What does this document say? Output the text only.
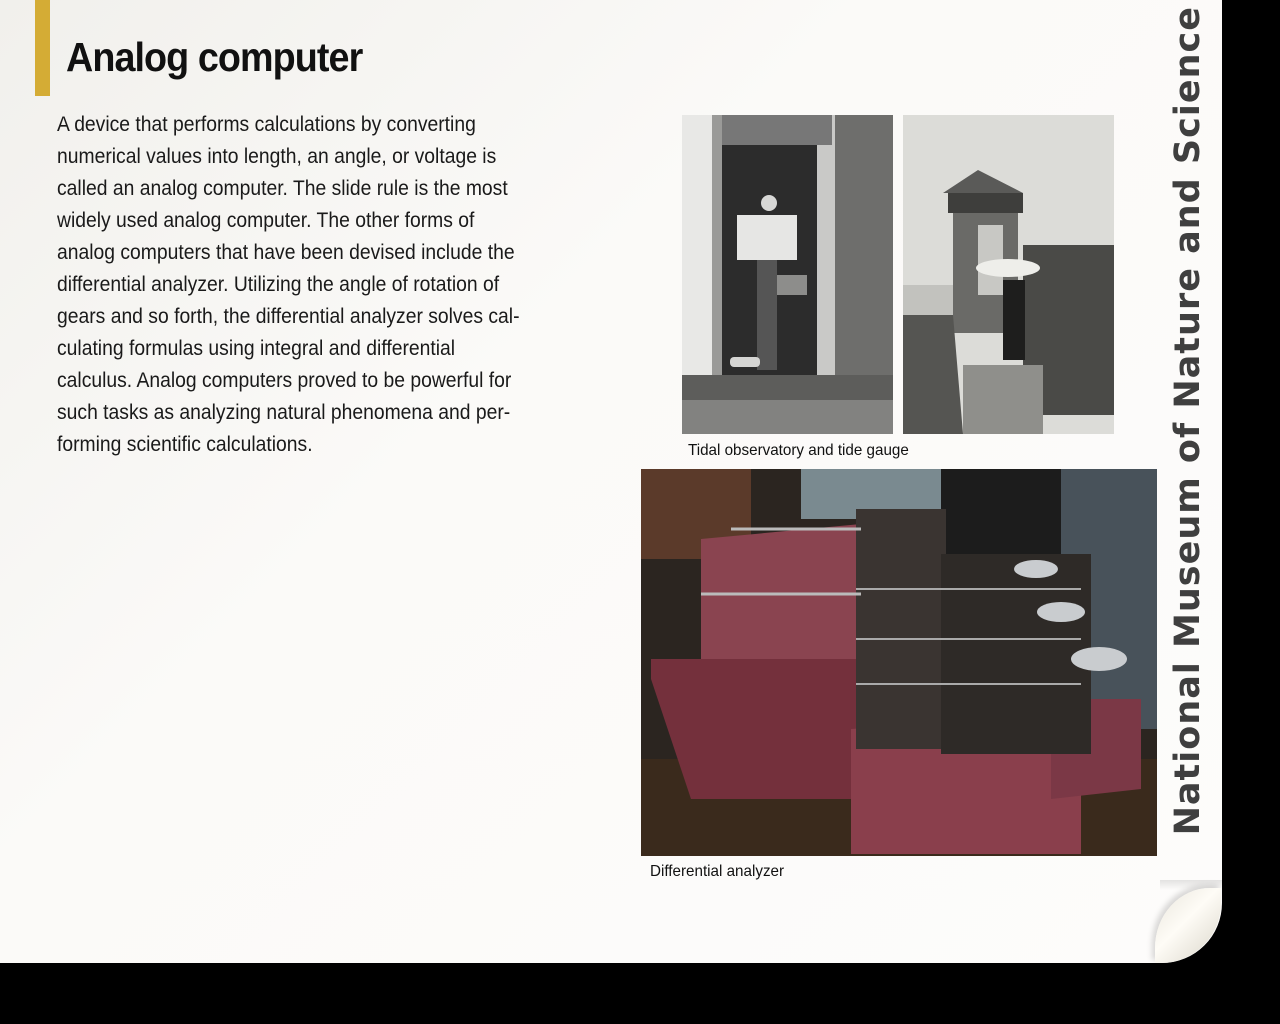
Analog computer
A device that performs calculations by converting
numerical values into length, an angle, or voltage is
called an analog computer. The slide rule is the most
widely used analog computer. The other forms of
analog computers that have been devised include the
differential analyzer. Utilizing the angle of rotation of
gears and so forth, the differential analyzer solves cal-
culating formulas using integral and differential
calculus. Analog computers proved to be powerful for
such tasks as analyzing natural phenomena and per-
forming scientific calculations.	Tidal observatory and tide gauge
Differential analyzer
National Museum of Nature and Science
